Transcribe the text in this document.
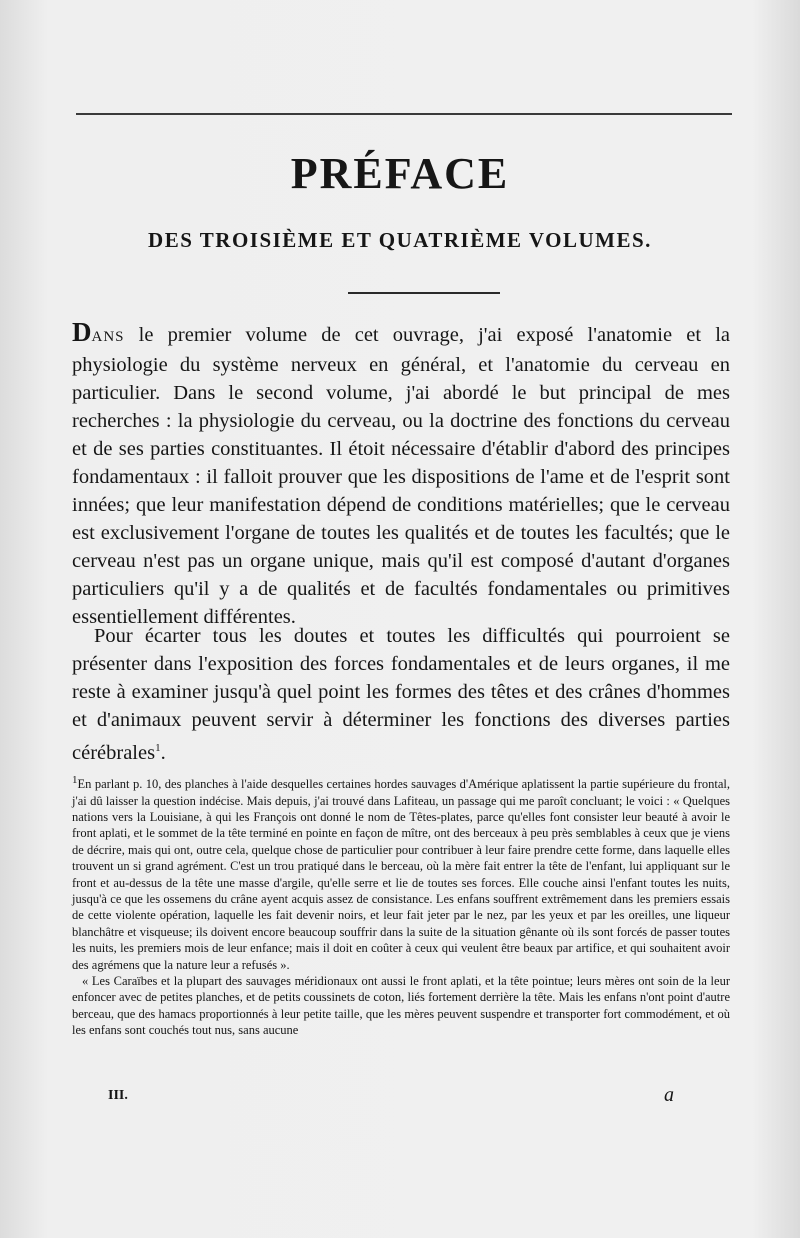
PRÉFACE
DES TROISIÈME ET QUATRIÈME VOLUMES.

DANS le premier volume de cet ouvrage, j'ai exposé l'anatomie et la physiologie du système nerveux en général, et l'anatomie du cerveau en particulier. Dans le second volume, j'ai abordé le but principal de mes recherches : la physiologie du cerveau, ou la doctrine des fonctions du cerveau et de ses parties constituantes. Il étoit nécessaire d'établir d'abord des principes fondamentaux : il falloit prouver que les dispositions de l'ame et de l'esprit sont innées; que leur manifestation dépend de conditions matérielles; que le cerveau est exclusivement l'organe de toutes les qualités et de toutes les facultés; que le cerveau n'est pas un organe unique, mais qu'il est composé d'autant d'organes particuliers qu'il y a de qualités et de facultés fondamentales ou primitives essentiellement différentes.

Pour écarter tous les doutes et toutes les difficultés qui pourroient se présenter dans l'exposition des forces fondamentales et de leurs organes, il me reste à examiner jusqu'à quel point les formes des têtes et des crânes d'hommes et d'animaux peuvent servir à déterminer les fonctions des diverses parties cérébrales$^1$.

$^1$En parlant p. 10, des planches à l'aide desquelles certaines hordes sauvages d'Amérique aplatissent la partie supérieure du frontal, j'ai dû laisser la question indécise. Mais depuis, j'ai trouvé dans Lafiteau, un passage qui me paroît concluant; le voici : « Quelques nations vers la Louisiane, à qui les François ont donné le nom de Têtes-plates, parce qu'elles font consister leur beauté à avoir le front aplati, et le sommet de la tête terminé en pointe en façon de mître, ont des berceaux à peu près semblables à ceux que je viens de décrire, mais qui ont, outre cela, quelque chose de particulier pour contribuer à leur faire prendre cette forme, dans laquelle elles trouvent un si grand agrément. C'est un trou pratiqué dans le berceau, où la mère fait entrer la tête de l'enfant, lui appliquant sur le front et au-dessus de la tête une masse d'argile, qu'elle serre et lie de toutes ses forces. Elle couche ainsi l'enfant toutes les nuits, jusqu'à ce que les ossemens du crâne ayent acquis assez de consistance. Les enfans souffrent extrêmement dans les premiers essais de cette violente opération, laquelle les fait devenir noirs, et leur fait jeter par le nez, par les yeux et par les oreilles, une liqueur blanchâtre et visqueuse; ils doivent encore beaucoup souffrir dans la suite de la situation gênante où ils sont forcés de passer toutes les nuits, les premiers mois de leur enfance; mais il doit en coûter à ceux qui veulent être beaux par artifice, et qui souhaitent avoir des agrémens que la nature leur a refusés ».

« Les Caraïbes et la plupart des sauvages méridionaux ont aussi le front aplati, et la tête pointue; leurs mères ont soin de la leur enfoncer avec de petites planches, et de petits coussinets de coton, liés fortement derrière la tête. Mais les enfans n'ont point d'autre berceau, que des hamacs proportionnés à leur petite taille, que les mères peuvent suspendre et transporter fort commodément, et où les enfans sont couchés tout nus, sans aucune

III.	a
